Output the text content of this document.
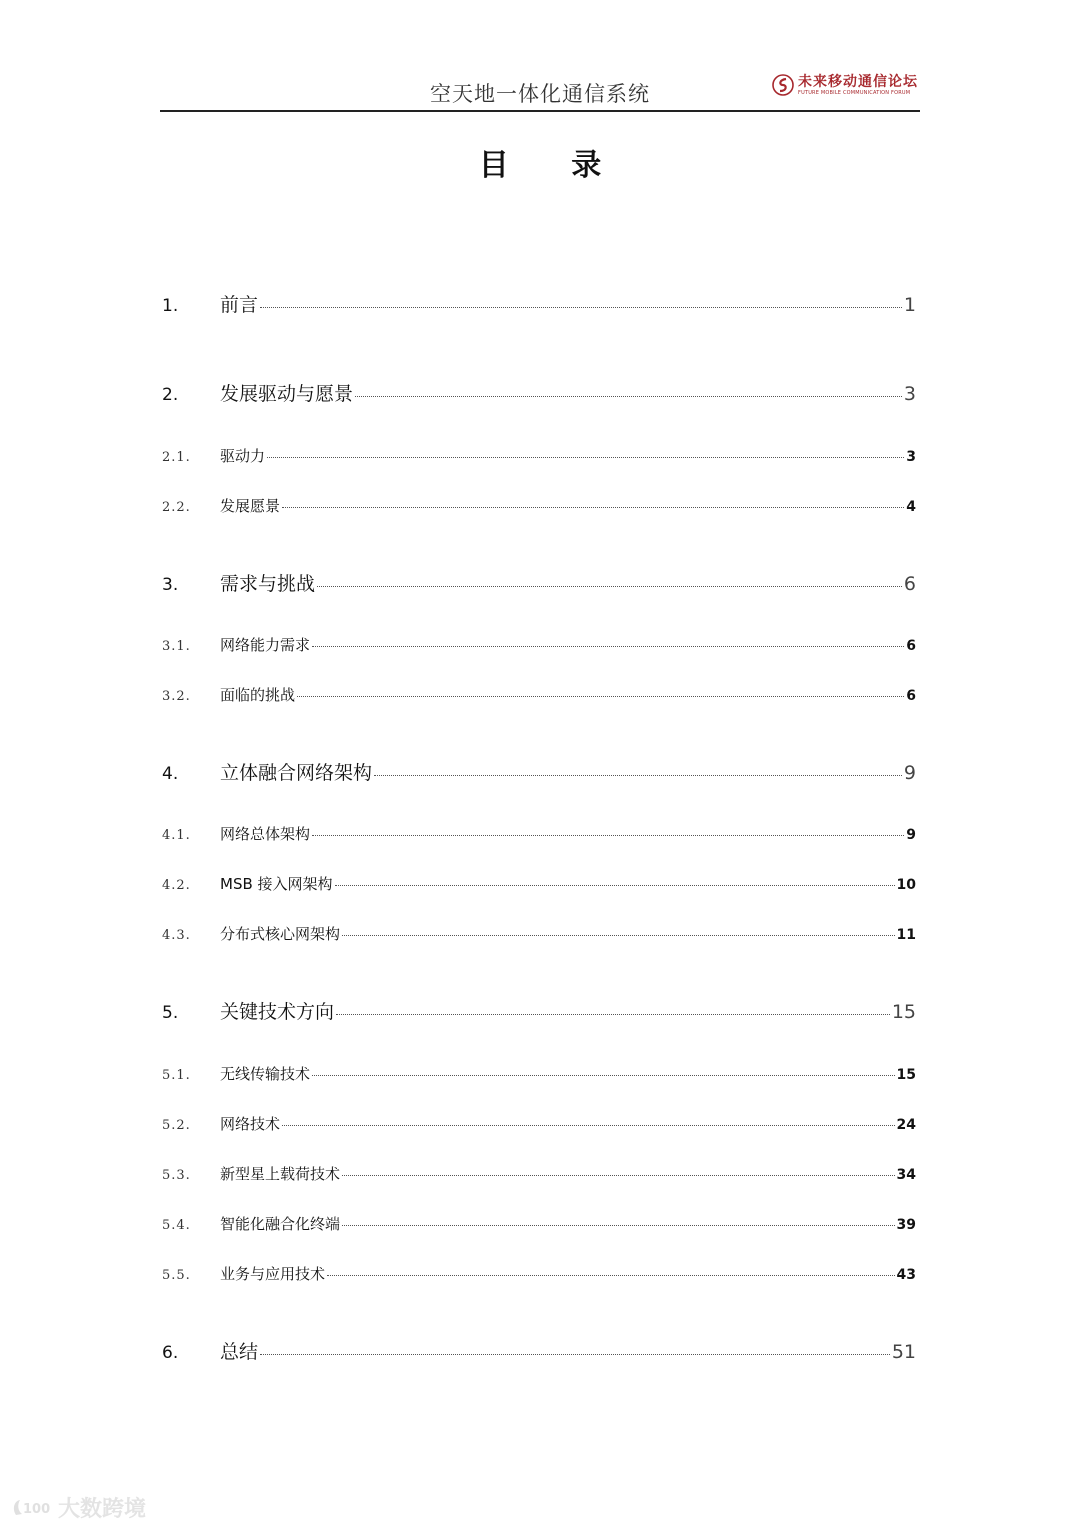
空天地一体化通信系统
未来移动通信论坛
FUTURE MOBILE COMMUNICATION FORUM
目 录
1.	前言	1
2.	发展驱动与愿景	3
2.1.	驱动力	3
2.2.	发展愿景	4
3.	需求与挑战	6
3.1.	网络能力需求	6
3.2.	面临的挑战	6
4.	立体融合网络架构	9
4.1.	网络总体架构	9
4.2.	MSB 接入网架构	10
4.3.	分布式核心网架构	11
5.	关键技术方向	15
5.1.	无线传输技术	15
5.2.	网络技术	24
5.3.	新型星上载荷技术	34
5.4.	智能化融合化终端	39
5.5.	业务与应用技术	43
6.	总结	51
100 大数跨境
